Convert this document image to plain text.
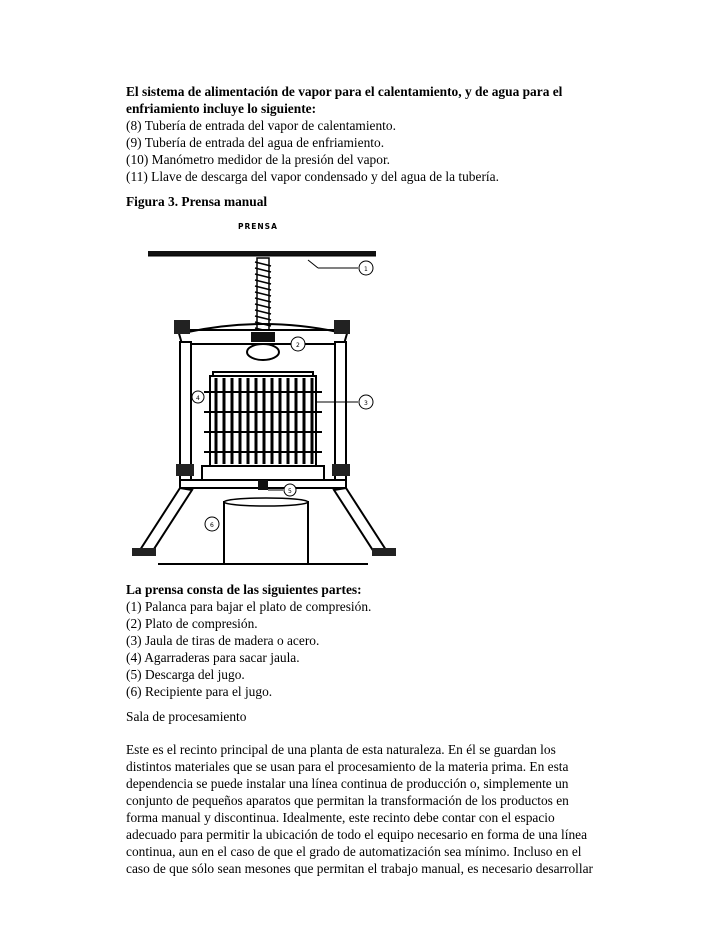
El sistema de alimentación de vapor para el calentamiento, y de agua para el
enfriamiento incluye lo siguiente:
(8) Tubería de entrada del vapor de calentamiento.
(9) Tubería de entrada del agua de enfriamiento.
(10) Manómetro medidor de la presión del vapor.
(11) Llave de descarga del vapor condensado y del agua de la tubería.
Figura 3. Prensa manual
PRENSA
1
2
3
4
5
6
La prensa consta de las siguientes partes:
(1) Palanca para bajar el plato de compresión.
(2) Plato de compresión.
(3) Jaula de tiras de madera o acero.
(4) Agarraderas para sacar jaula.
(5) Descarga del jugo.
(6) Recipiente para el jugo.
Sala de procesamiento
Este es el recinto principal de una planta de esta naturaleza. En él se guardan los
distintos materiales que se usan para el procesamiento de la materia prima. En esta
dependencia se puede instalar una línea continua de producción o, simplemente un
conjunto de pequeños aparatos que permitan la transformación de los productos en
forma manual y discontinua. Idealmente, este recinto debe contar con el espacio
adecuado para permitir la ubicación de todo el equipo necesario en forma de una línea
continua, aun en el caso de que el grado de automatización sea mínimo. Incluso en el
caso de que sólo sean mesones que permitan el trabajo manual, es necesario desarrollar
